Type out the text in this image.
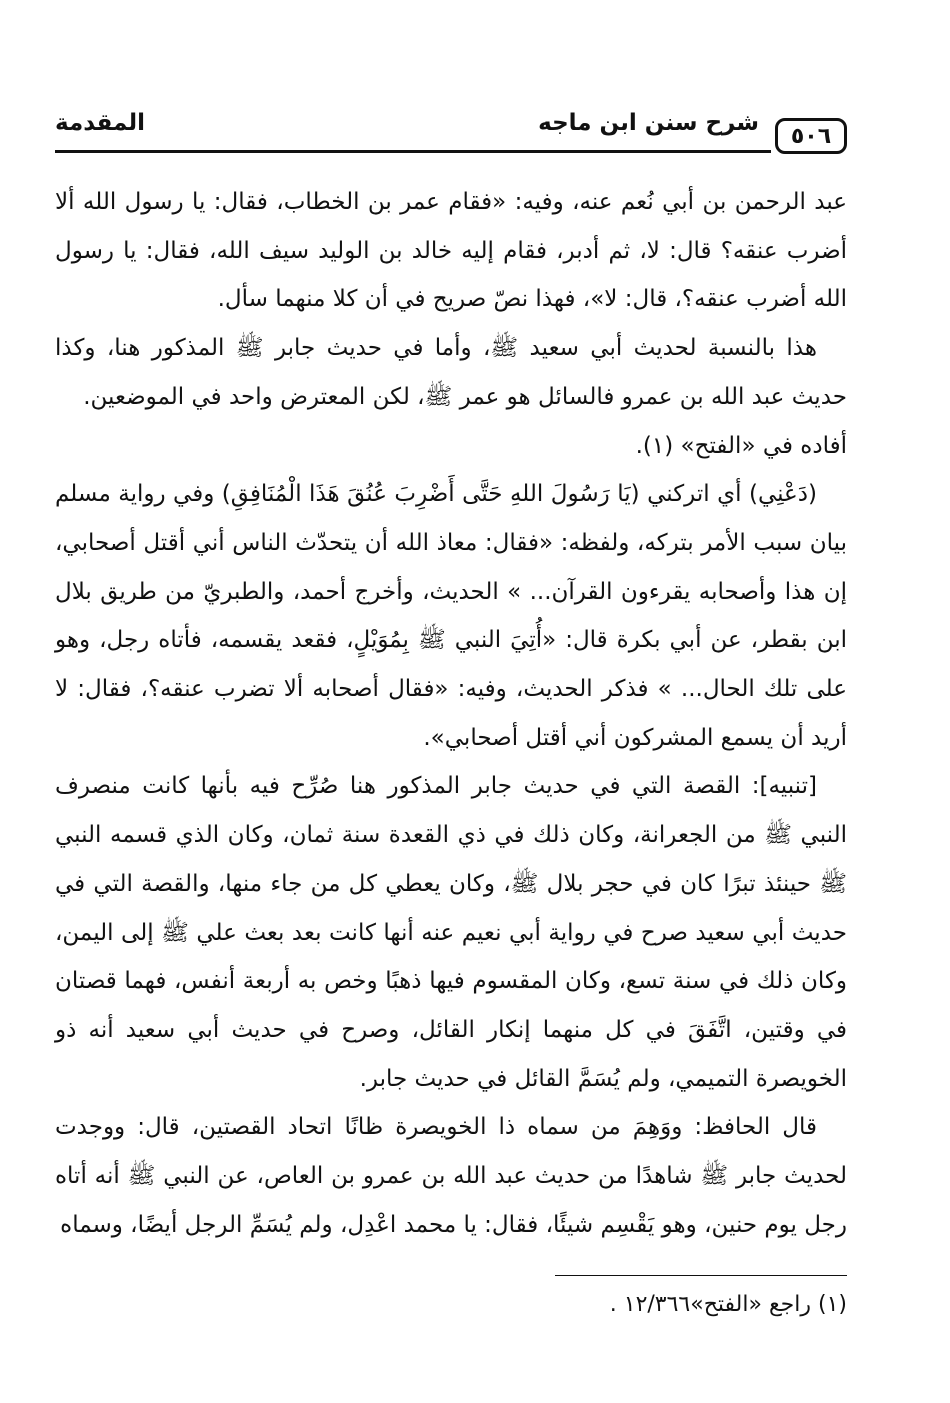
٥٠٦
شرح سنن ابن ماجه
المقدمة

عبد الرحمن بن أبي نُعم عنه، وفيه: «فقام عمر بن الخطاب، فقال: يا رسول الله ألا أضرب عنقه؟ قال: لا، ثم أدبر، فقام إليه خالد بن الوليد سيف الله، فقال: يا رسول الله أضرب عنقه؟، قال: لا»، فهذا نصّ صريح في أن كلا منهما سأل.

هذا بالنسبة لحديث أبي سعيد ﷺ، وأما في حديث جابر ﷺ المذكور هنا، وكذا حديث عبد الله بن عمرو فالسائل هو عمر ﷺ، لكن المعترض واحد في الموضعين.

أفاده في «الفتح» (١).

(دَعْنِي) أي اتركني (يَا رَسُولَ اللهِ حَتَّى أَضْرِبَ عُنُقَ هَذَا الْمُنَافِقِ) وفي رواية مسلم بيان سبب الأمر بتركه، ولفظه: «فقال: معاذ الله أن يتحدّث الناس أني أقتل أصحابي، إن هذا وأصحابه يقرءون القرآن... » الحديث، وأخرج أحمد، والطبريّ من طريق بلال ابن بقطر، عن أبي بكرة قال: «أُتِيَ النبي ﷺ بِمُوَيْلٍ، فقعد يقسمه، فأتاه رجل، وهو على تلك الحال... » فذكر الحديث، وفيه: «فقال أصحابه ألا تضرب عنقه؟، فقال: لا أريد أن يسمع المشركون أني أقتل أصحابي».

[تنبيه]: القصة التي في حديث جابر المذكور هنا صُرِّح فيه بأنها كانت منصرف النبي ﷺ من الجعرانة، وكان ذلك في ذي القعدة سنة ثمان، وكان الذي قسمه النبي ﷺ حينئذ تبرًا كان في حجر بلال ﷺ، وكان يعطي كل من جاء منها، والقصة التي في حديث أبي سعيد صرح في رواية أبي نعيم عنه أنها كانت بعد بعث علي ﷺ إلى اليمن، وكان ذلك في سنة تسع، وكان المقسوم فيها ذهبًا وخص به أربعة أنفس، فهما قصتان في وقتين، اتَّفَقَ في كل منهما إنكار القائل، وصرح في حديث أبي سعيد أنه ذو الخويصرة التميمي، ولم يُسَمَّ القائل في حديث جابر.

قال الحافظ: ووَهِمَ من سماه ذا الخويصرة ظانًا اتحاد القصتين، قال: ووجدت لحديث جابر ﷺ شاهدًا من حديث عبد الله بن عمرو بن العاص، عن النبي ﷺ أنه أتاه رجل يوم حنين، وهو يَقْسِم شيئًا، فقال: يا محمد اعْدِل، ولم يُسَمِّ الرجل أيضًا، وسماه

(١) راجع «الفتح»١٢/٣٦٦ .
